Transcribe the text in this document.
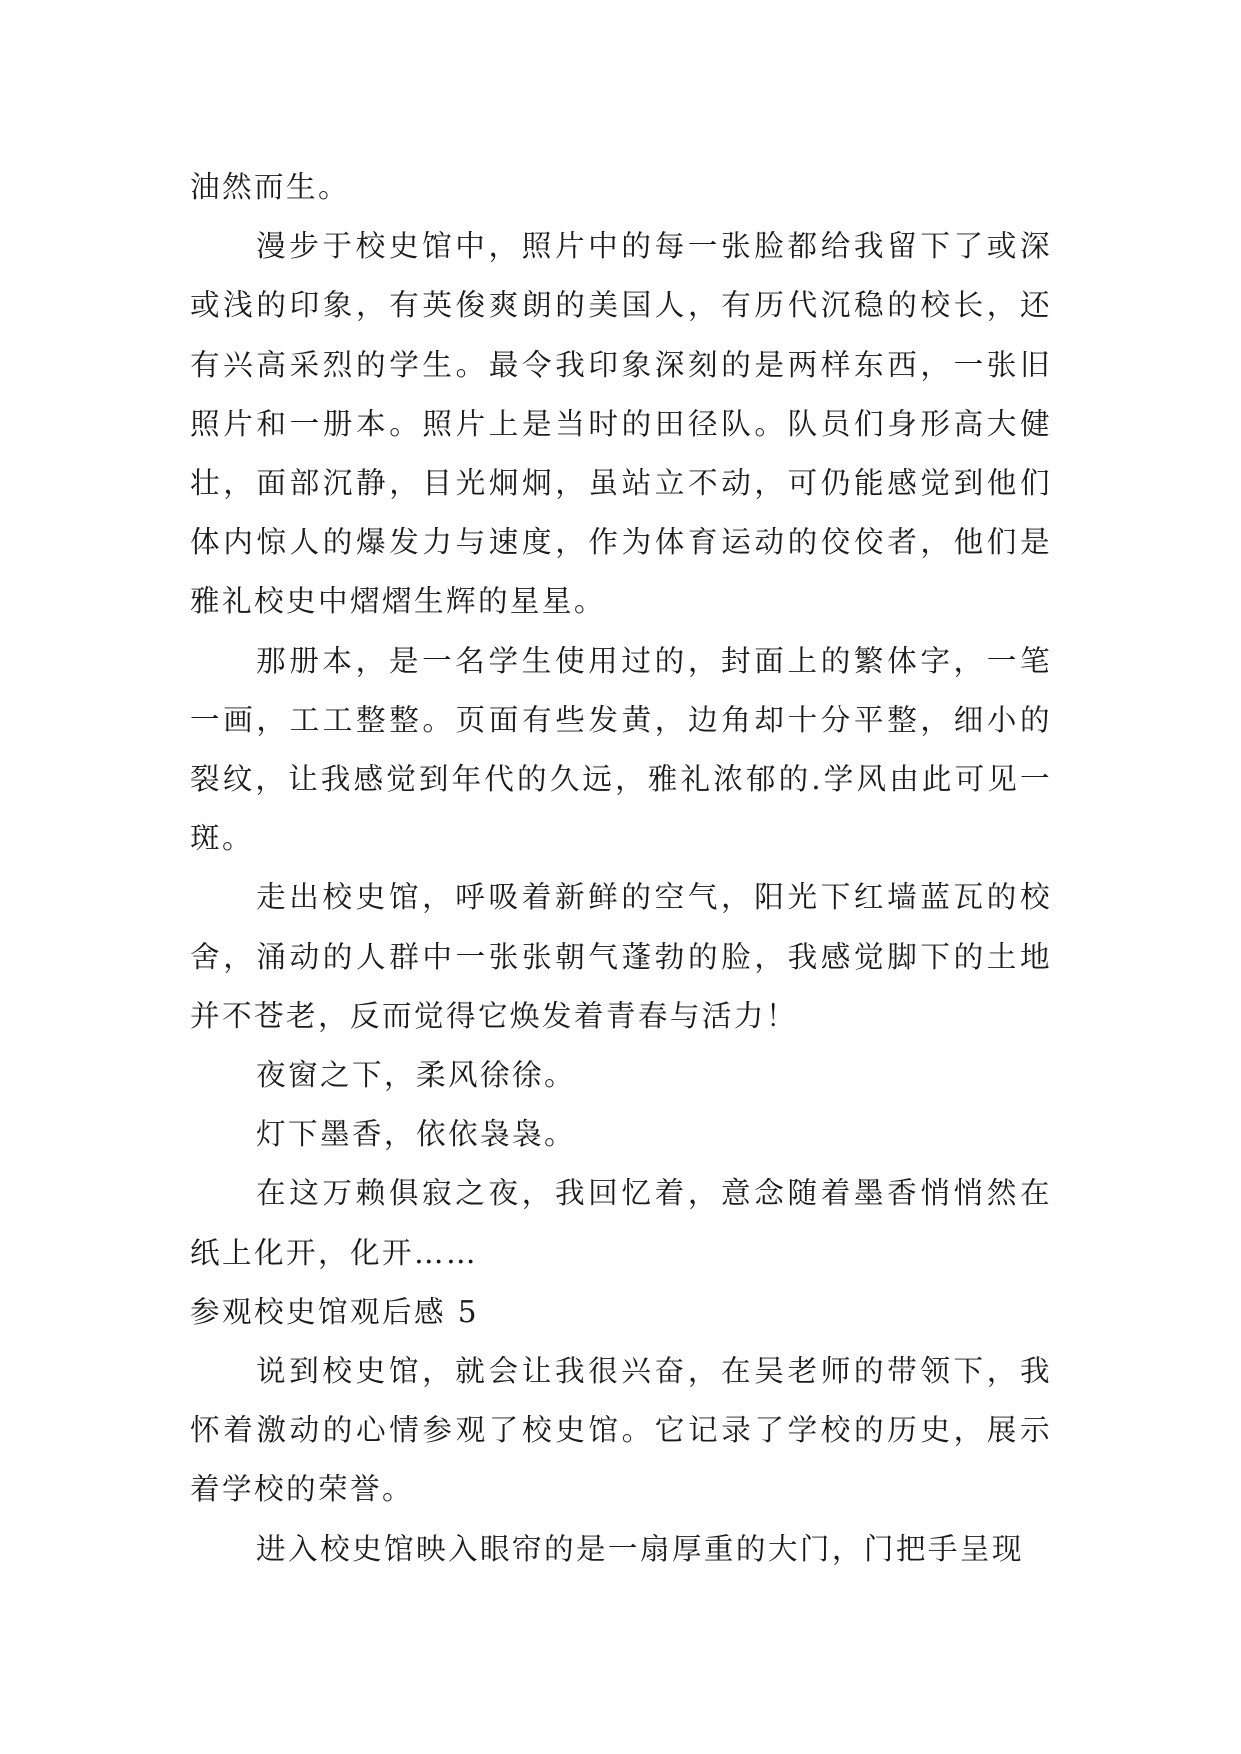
油然而生。

漫步于校史馆中，照片中的每一张脸都给我留下了或深或浅的印象，有英俊爽朗的美国人，有历代沉稳的校长，还有兴高采烈的学生。最令我印象深刻的是两样东西，一张旧照片和一册本。照片上是当时的田径队。队员们身形高大健壮，面部沉静，目光炯炯，虽站立不动，可仍能感觉到他们体内惊人的爆发力与速度，作为体育运动的佼佼者，他们是雅礼校史中熠熠生辉的星星。

那册本，是一名学生使用过的，封面上的繁体字，一笔一画，工工整整。页面有些发黄，边角却十分平整，细小的裂纹，让我感觉到年代的久远，雅礼浓郁的.学风由此可见一斑。

走出校史馆，呼吸着新鲜的空气，阳光下红墙蓝瓦的校舍，涌动的人群中一张张朝气蓬勃的脸，我感觉脚下的土地并不苍老，反而觉得它焕发着青春与活力！

夜窗之下，柔风徐徐。

灯下墨香，依依袅袅。

在这万赖俱寂之夜，我回忆着，意念随着墨香悄悄然在纸上化开，化开……

参观校史馆观后感 5

说到校史馆，就会让我很兴奋，在吴老师的带领下，我怀着激动的心情参观了校史馆。它记录了学校的历史，展示着学校的荣誉。

进入校史馆映入眼帘的是一扇厚重的大门，门把手呈现
